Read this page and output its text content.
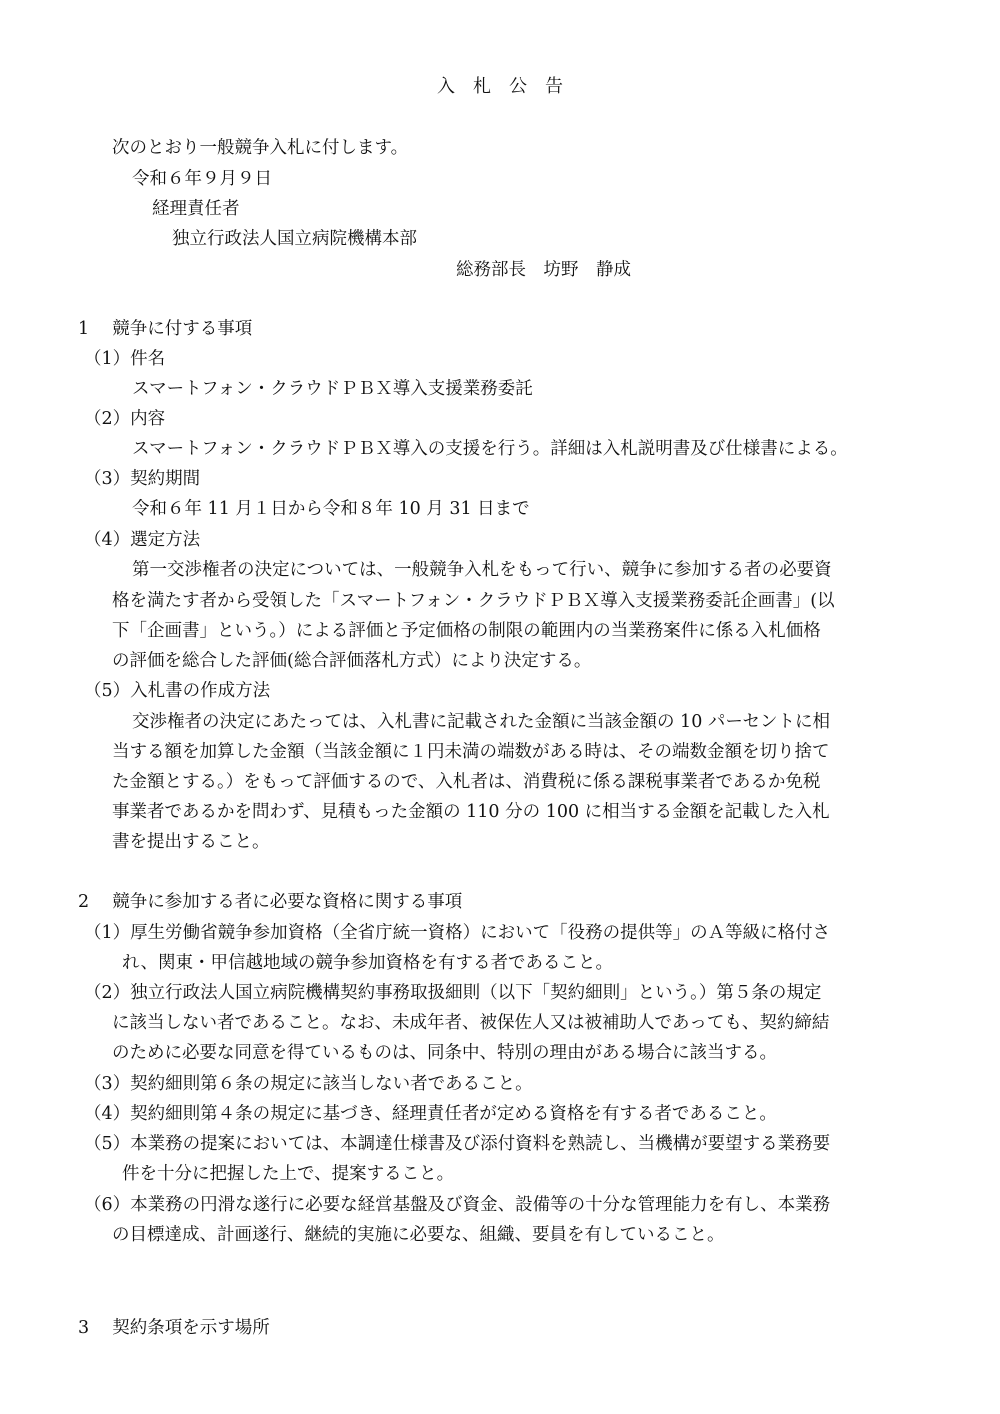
入　札　公　告
次のとおり一般競争入札に付します。
令和６年９月９日
経理責任者
独立行政法人国立病院機構本部
総務部長　坊野　静成
1　 競争に付する事項
（1）件名
スマートフォン・クラウドＰＢＸ導入支援業務委託
（2）内容
スマートフォン・クラウドＰＢＸ導入の支援を行う。詳細は入札説明書及び仕様書による。
（3）契約期間
令和６年 11 月１日から令和８年 10 月 31 日まで
（4）選定方法
第一交渉権者の決定については、一般競争入札をもって行い、競争に参加する者の必要資
格を満たす者から受領した「スマートフォン・クラウドＰＢＸ導入支援業務委託企画書」(以
下「企画書」という。）による評価と予定価格の制限の範囲内の当業務案件に係る入札価格
の評価を総合した評価(総合評価落札方式）により決定する。
（5）入札書の作成方法
交渉権者の決定にあたっては、入札書に記載された金額に当該金額の 10 パーセントに相
当する額を加算した金額（当該金額に１円未満の端数がある時は、その端数金額を切り捨て
た金額とする。）をもって評価するので、入札者は、消費税に係る課税事業者であるか免税
事業者であるかを問わず、見積もった金額の 110 分の 100 に相当する金額を記載した入札
書を提出すること。
2　 競争に参加する者に必要な資格に関する事項
（1）厚生労働省競争参加資格（全省庁統一資格）において「役務の提供等」のＡ等級に格付さ
れ、関東・甲信越地域の競争参加資格を有する者であること。
（2）独立行政法人国立病院機構契約事務取扱細則（以下「契約細則」という。）第５条の規定
に該当しない者であること。なお、未成年者、被保佐人又は被補助人であっても、契約締結
のために必要な同意を得ているものは、同条中、特別の理由がある場合に該当する。
（3）契約細則第６条の規定に該当しない者であること。
（4）契約細則第４条の規定に基づき、経理責任者が定める資格を有する者であること。
（5）本業務の提案においては、本調達仕様書及び添付資料を熟読し、当機構が要望する業務要
件を十分に把握した上で、提案すること。
（6）本業務の円滑な遂行に必要な経営基盤及び資金、設備等の十分な管理能力を有し、本業務
の目標達成、計画遂行、継続的実施に必要な、組織、要員を有していること。
3　 契約条項を示す場所
